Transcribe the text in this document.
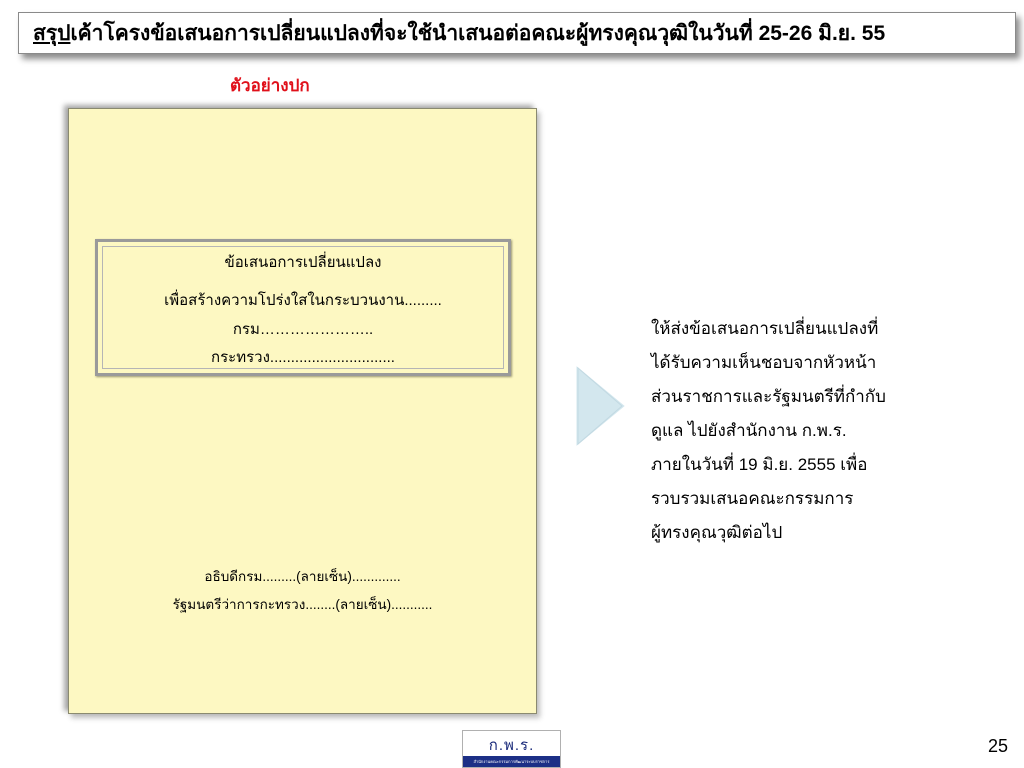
สรุปเค้าโครงข้อเสนอการเปลี่ยนแปลงที่จะใช้นำเสนอต่อคณะผู้ทรงคุณวุฒิในวันที่ 25-26 มิ.ย. 55
ตัวอย่างปก
ข้อเสนอการเปลี่ยนแปลง
เพื่อสร้างความโปร่งใสในกระบวนงาน.........
กรม…………………..
กระทรวง..............................
อธิบดีกรม.........(ลายเซ็น).............
รัฐมนตรีว่าการกะทรวง........(ลายเซ็น)...........
ให้ส่งข้อเสนอการเปลี่ยนแปลงที่
ได้รับความเห็นชอบจากหัวหน้า
ส่วนราชการและรัฐมนตรีที่กำกับ
ดูแล ไปยังสำนักงาน ก.พ.ร.
ภายในวันที่ 19 มิ.ย. 2555 เพื่อ
รวบรวมเสนอคณะกรรมการ
ผู้ทรงคุณวุฒิต่อไป
ก.พ.ร.
สำนักงานคณะกรรมการพัฒนาระบบราชการ
25
